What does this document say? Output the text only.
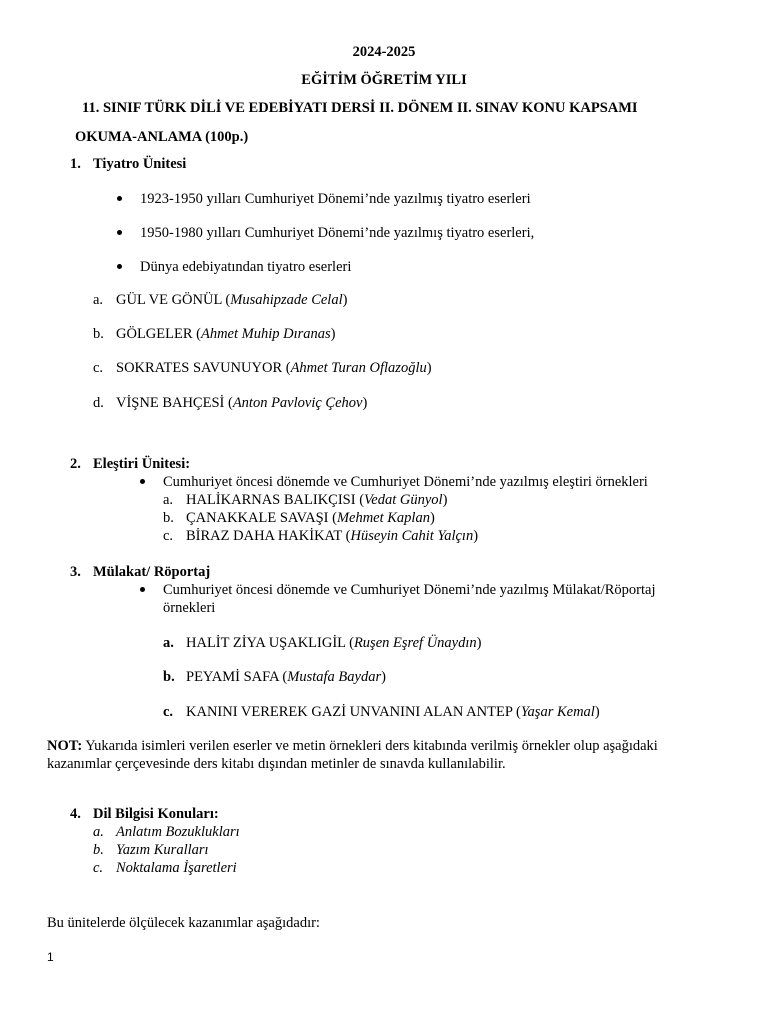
2024-2025
EĞİTİM ÖĞRETİM YILI
11. SINIF TÜRK DİLİ VE EDEBİYATI DERSİ II. DÖNEM II. SINAV KONU KAPSAMI
OKUMA-ANLAMA (100p.)
1. Tiyatro Ünitesi
1923-1950 yılları Cumhuriyet Dönemi’nde yazılmış tiyatro eserleri
1950-1980 yılları Cumhuriyet Dönemi’nde yazılmış tiyatro eserleri,
Dünya edebiyatından tiyatro eserleri
a. GÜL VE GÖNÜL (Musahipzade Celal)
b. GÖLGELER (Ahmet Muhip Dıranas)
c. SOKRATES SAVUNUYOR (Ahmet Turan Oflazoğlu)
d. VİŞNE BAHÇESİ (Anton Pavloviç Çehov)
2. Eleştiri Ünitesi:
Cumhuriyet öncesi dönemde ve Cumhuriyet Dönemi’nde yazılmış eleştiri örnekleri
a. HALİKARNAS BALIKÇISI (Vedat Günyol)
b. ÇANAKKALE SAVAŞI (Mehmet Kaplan)
c. BİRAZ DAHA HAKİKAT (Hüseyin Cahit Yalçın)
3. Mülakat/ Röportaj
Cumhuriyet öncesi dönemde ve Cumhuriyet Dönemi’nde yazılmış Mülakat/Röportaj
örnekleri
a. HALİT ZİYA UŞAKLIGİL (Ruşen Eşref Ünaydın)
b. PEYAMİ SAFA (Mustafa Baydar)
c. KANINI VEREREK GAZİ UNVANINI ALAN ANTEP (Yaşar Kemal)
NOT: Yukarıda isimleri verilen eserler ve metin örnekleri ders kitabında verilmiş örnekler olup aşağıdaki
kazanımlar çerçevesinde ders kitabı dışından metinler de sınavda kullanılabilir.
4. Dil Bilgisi Konuları:
a. Anlatım Bozuklukları
b. Yazım Kuralları
c. Noktalama İşaretleri
Bu ünitelerde ölçülecek kazanımlar aşağıdadır:
1
